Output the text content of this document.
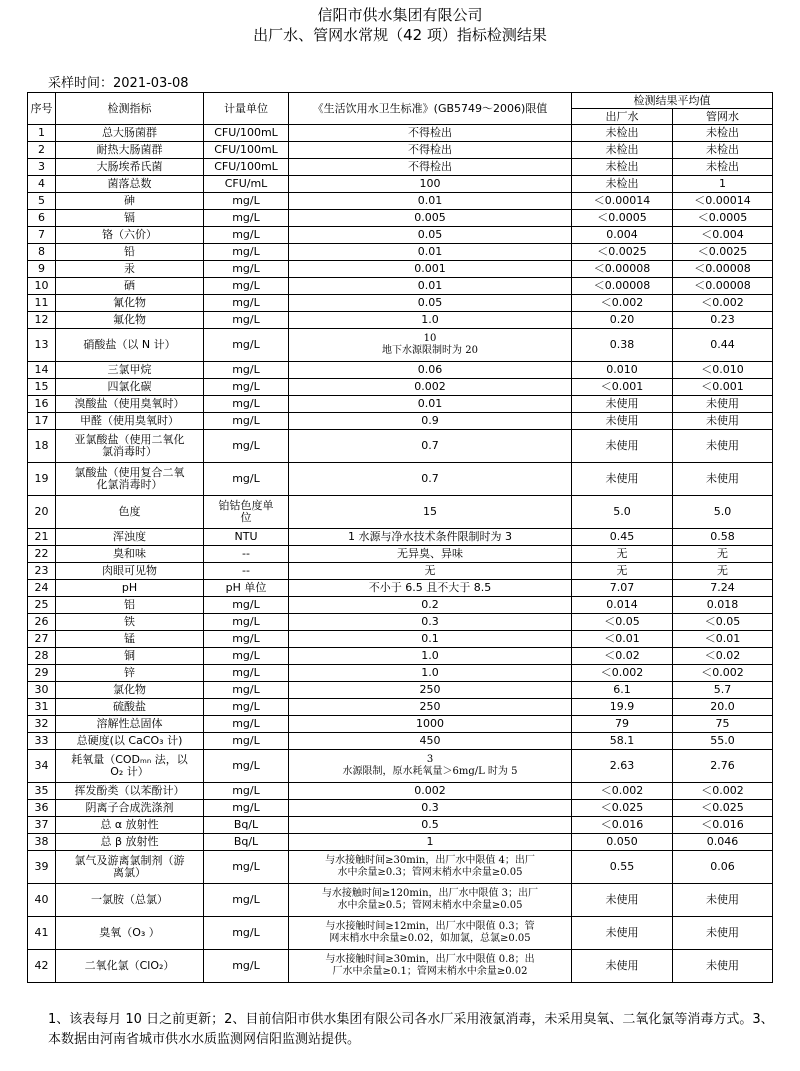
信阳市供水集团有限公司
出厂水、管网水常规（42 项）指标检测结果
采样时间：2021-03-08
序号	检测指标	计量单位	《生活饮用水卫生标准》(GB5749～2006)限值	检测结果平均值	
				出厂水	管网水
1	总大肠菌群	CFU/100mL	不得检出	未检出	未检出
2	耐热大肠菌群	CFU/100mL	不得检出	未检出	未检出
3	大肠埃希氏菌	CFU/100mL	不得检出	未检出	未检出
4	菌落总数	CFU/mL	100	未检出	1
5	砷	mg/L	0.01	＜0.00014	＜0.00014
6	镉	mg/L	0.005	＜0.0005	＜0.0005
7	铬（六价）	mg/L	0.05	0.004	＜0.004
8	铅	mg/L	0.01	＜0.0025	＜0.0025
9	汞	mg/L	0.001	＜0.00008	＜0.00008
10	硒	mg/L	0.01	＜0.00008	＜0.00008
11	氰化物	mg/L	0.05	＜0.002	＜0.002
12	氟化物	mg/L	1.0	0.20	0.23
13	硝酸盐（以 N 计）	mg/L	10
地下水源限制时为 20	0.38	0.44
14	三氯甲烷	mg/L	0.06	0.010	＜0.010
15	四氯化碳	mg/L	0.002	＜0.001	＜0.001
16	溴酸盐（使用臭氧时）	mg/L	0.01	未使用	未使用
17	甲醛（使用臭氧时）	mg/L	0.9	未使用	未使用
18	亚氯酸盐（使用二氧化
氯消毒时）	mg/L	0.7	未使用	未使用
19	氯酸盐（使用复合二氧
化氯消毒时）	mg/L	0.7	未使用	未使用
20	色度	铂钴色度单
位	15	5.0	5.0
21	浑浊度	NTU	1 水源与净水技术条件限制时为 3	0.45	0.58
22	臭和味	--	无异臭、异味	无	无
23	肉眼可见物	--	无	无	无
24	pH	pH 单位	不小于 6.5 且不大于 8.5	7.07	7.24
25	铝	mg/L	0.2	0.014	0.018
26	铁	mg/L	0.3	＜0.05	＜0.05
27	锰	mg/L	0.1	＜0.01	＜0.01
28	铜	mg/L	1.0	＜0.02	＜0.02
29	锌	mg/L	1.0	＜0.002	＜0.002
30	氯化物	mg/L	250	6.1	5.7
31	硫酸盐	mg/L	250	19.9	20.0
32	溶解性总固体	mg/L	1000	79	75
33	总硬度(以 CaCO₃ 计)	mg/L	450	58.1	55.0
34	耗氧量（CODₘₙ 法，以
O₂ 计）	mg/L	3
水源限制，原水耗氧量＞6mg/L 时为 5	2.63	2.76
35	挥发酚类（以苯酚计）	mg/L	0.002	＜0.002	＜0.002
36	阴离子合成洗涤剂	mg/L	0.3	＜0.025	＜0.025
37	总 α 放射性	Bq/L	0.5	＜0.016	＜0.016
38	总 β 放射性	Bq/L	1	0.050	0.046
39	氯气及游离氯制剂（游
离氯）	mg/L	与水接触时间≥30min，出厂水中限值 4；出厂
水中余量≥0.3；管网末梢水中余量≥0.05	0.55	0.06
40	一氯胺（总氯）	mg/L	与水接触时间≥120min，出厂水中限值 3；出厂
水中余量≥0.5；管网末梢水中余量≥0.05	未使用	未使用
41	臭氧（O₃ ）	mg/L	与水接触时间≥12min，出厂水中限值 0.3；管
网末梢水中余量≥0.02，如加氯，总氯≥0.05	未使用	未使用
42	二氧化氯（ClO₂）	mg/L	与水接触时间≥30min，出厂水中限值 0.8；出
厂水中余量≥0.1；管网末梢水中余量≥0.02	未使用	未使用
1、该表每月 10 日之前更新；2、目前信阳市供水集团有限公司各水厂采用液氯消毒，未采用臭氧、二氧化氯等消毒方式。3、本数据由河南省城市供水水质监测网信阳监测站提供。
